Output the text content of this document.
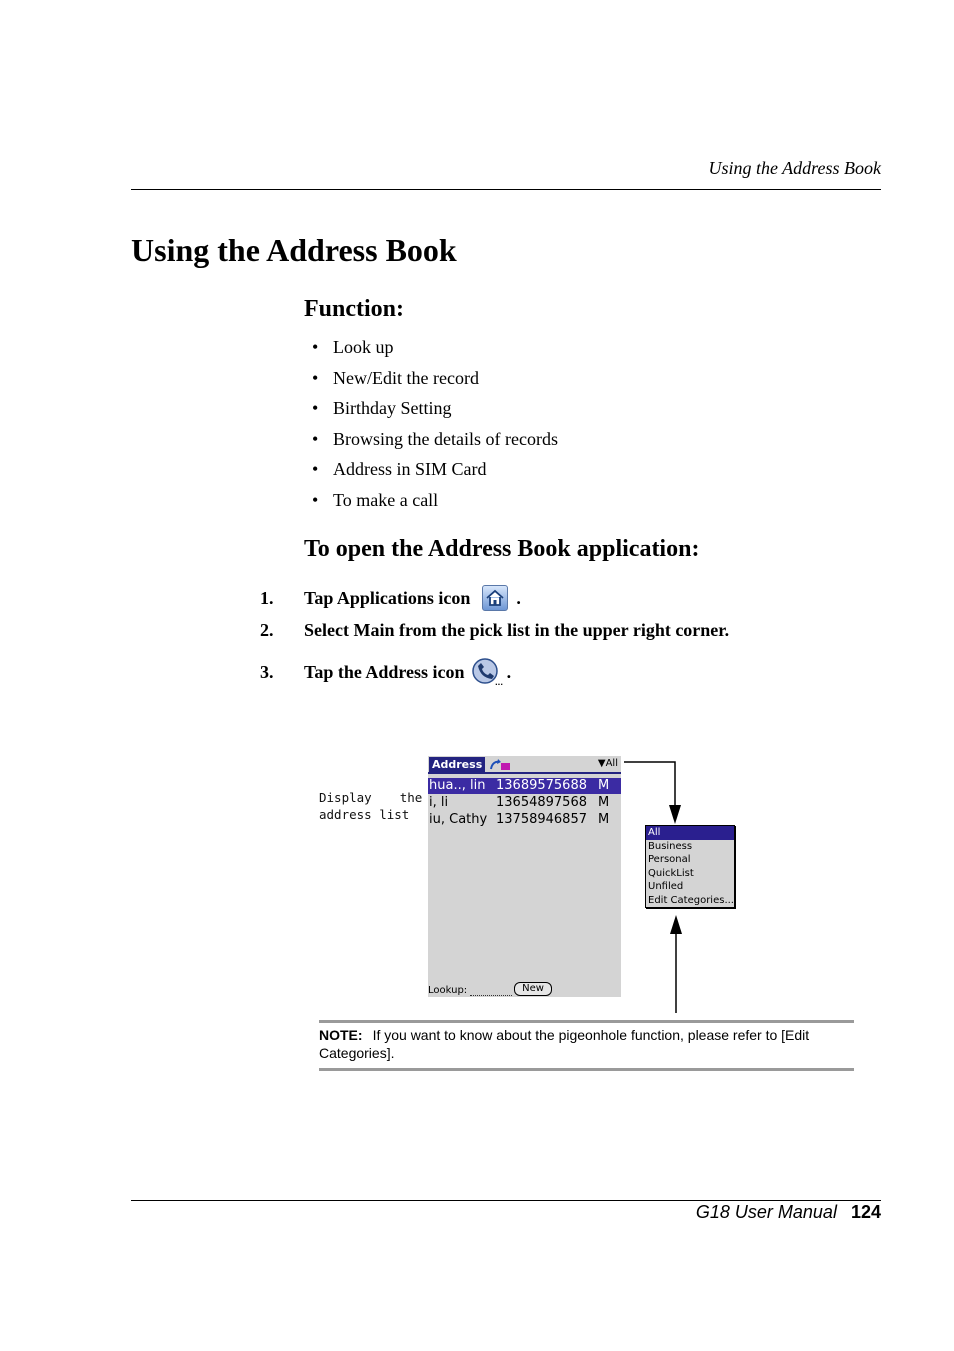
Using the Address Book
Using the Address Book
Function:
• Look up
• New/Edit the record
• Birthday Setting
• Browsing the details of records
• Address in SIM Card
• To make a call
To open the Address Book application:
1.	Tap Applications icon	.
2.	Select Main from the pick list in the upper right corner.
3.	Tap the Address icon
...
.
Display the
address list
Address	▼All
hua.., lin 13689575688 M
i, li	13654897568 M
iu, Cathy 13758946857 M
Lookup:	New
All
Business
Personal
QuickList
Unfiled
Edit Categories...
NOTE: If you want to know about the pigeonhole function, please refer to [Edit Categories].
G18 User Manual 124
